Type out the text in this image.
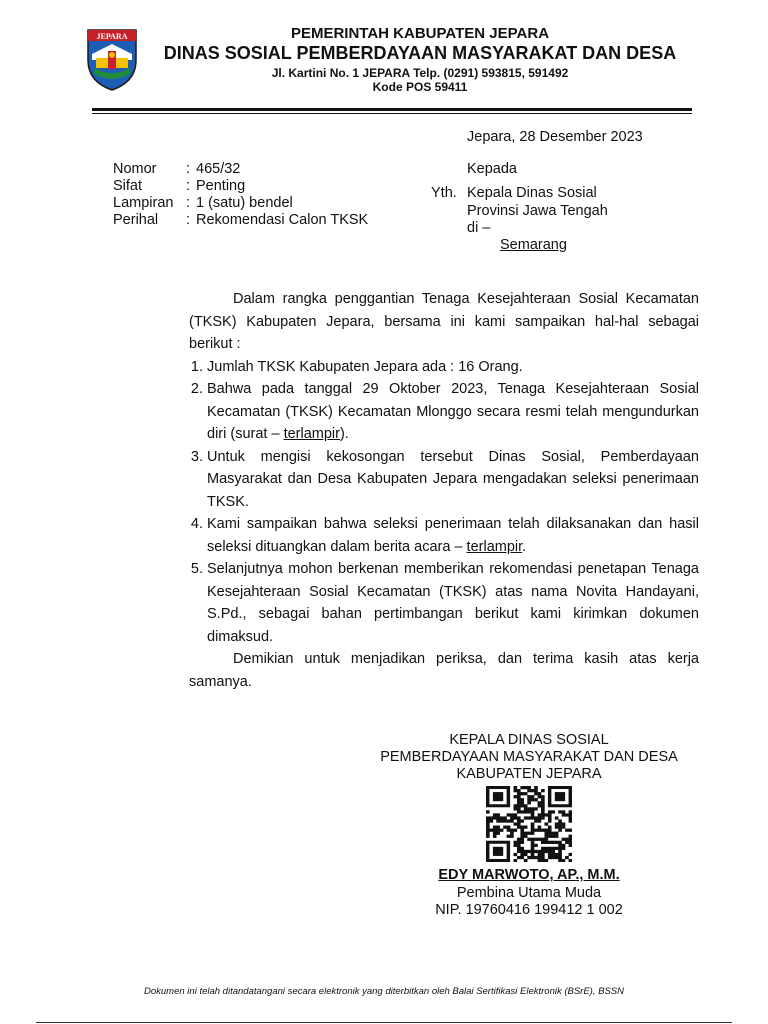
JEPARA	PEMERINTAH KABUPATEN JEPARA
DINAS SOSIAL PEMBERDAYAAN MASYARAKAT DAN DESA
Jl. Kartini No. 1 JEPARA Telp. (0291) 593815, 591492
Kode POS 59411
Jepara, 28 Desember 2023
Nomor : 465/32
Sifat	: Penting
Lampiran : 1 (satu) bendel
Perihal : Rekomendasi Calon TKSK
Kepada
Yth. Kepala Dinas Sosial
Provinsi Jawa Tengah
di –
Semarang

Dalam rangka penggantian Tenaga Kesejahteraan Sosial Kecamatan (TKSK) Kabupaten Jepara, bersama ini kami sampaikan hal-hal sebagai berikut :

1. Jumlah TKSK Kabupaten Jepara ada : 16 Orang.
2. Bahwa pada tanggal 29 Oktober 2023, Tenaga Kesejahteraan Sosial Kecamatan (TKSK) Kecamatan Mlonggo secara resmi telah mengundurkan diri (surat – terlampir).
3. Untuk mengisi kekosongan tersebut Dinas Sosial, Pemberdayaan Masyarakat dan Desa Kabupaten Jepara mengadakan seleksi penerimaan TKSK.
4. Kami sampaikan bahwa seleksi penerimaan telah dilaksanakan dan hasil seleksi dituangkan dalam berita acara – terlampir.
5. Selanjutnya mohon berkenan memberikan rekomendasi penetapan Tenaga Kesejahteraan Sosial Kecamatan (TKSK) atas nama Novita Handayani, S.Pd., sebagai bahan pertimbangan berikut kami kirimkan dokumen dimaksud.

Demikian untuk menjadikan periksa, dan terima kasih atas kerja samanya.

KEPALA DINAS SOSIAL
PEMBERDAYAAN MASYARAKAT DAN DESA
KABUPATEN JEPARA
EDY MARWOTO, AP., M.M.
Pembina Utama Muda
NIP. 19760416 199412 1 002
Dokumen ini telah ditandatangani secara elektronik yang diterbitkan oleh Balai Sertifikasi Elektronik (BSrE), BSSN
